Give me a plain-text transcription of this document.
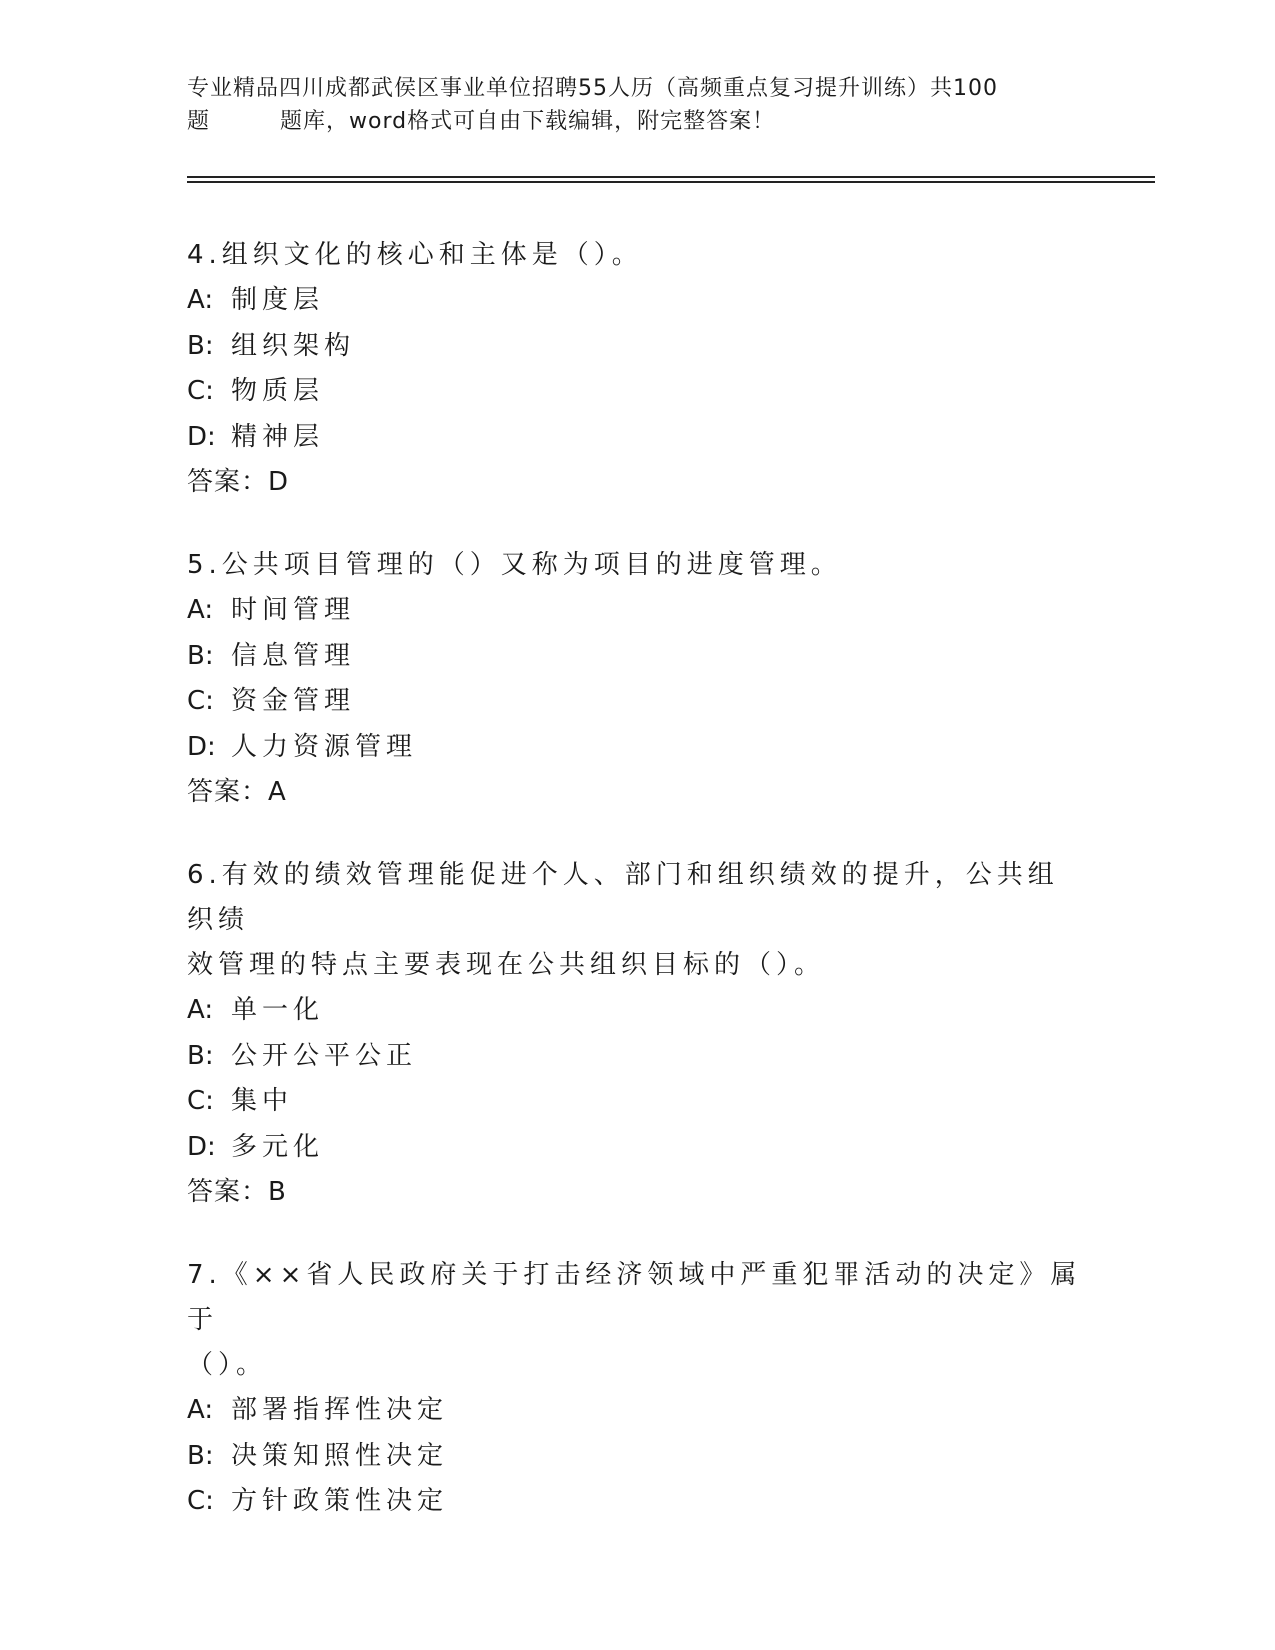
专业精品四川成都武侯区事业单位招聘55人历（高频重点复习提升训练）共100
题	题库，word格式可自由下载编辑，附完整答案！
4.组织文化的核心和主体是（）。
A: 制度层
B: 组织架构
C: 物质层
D: 精神层
答案：D
5.公共项目管理的（）又称为项目的进度管理。
A: 时间管理
B: 信息管理
C: 资金管理
D: 人力资源管理
答案：A
6.有效的绩效管理能促进个人、部门和组织绩效的提升，公共组织绩
效管理的特点主要表现在公共组织目标的（）。
A: 单一化
B: 公开公平公正
C: 集中
D: 多元化
答案：B
7.《××省人民政府关于打击经济领域中严重犯罪活动的决定》属于
（）。
A: 部署指挥性决定
B: 决策知照性决定
C: 方针政策性决定
